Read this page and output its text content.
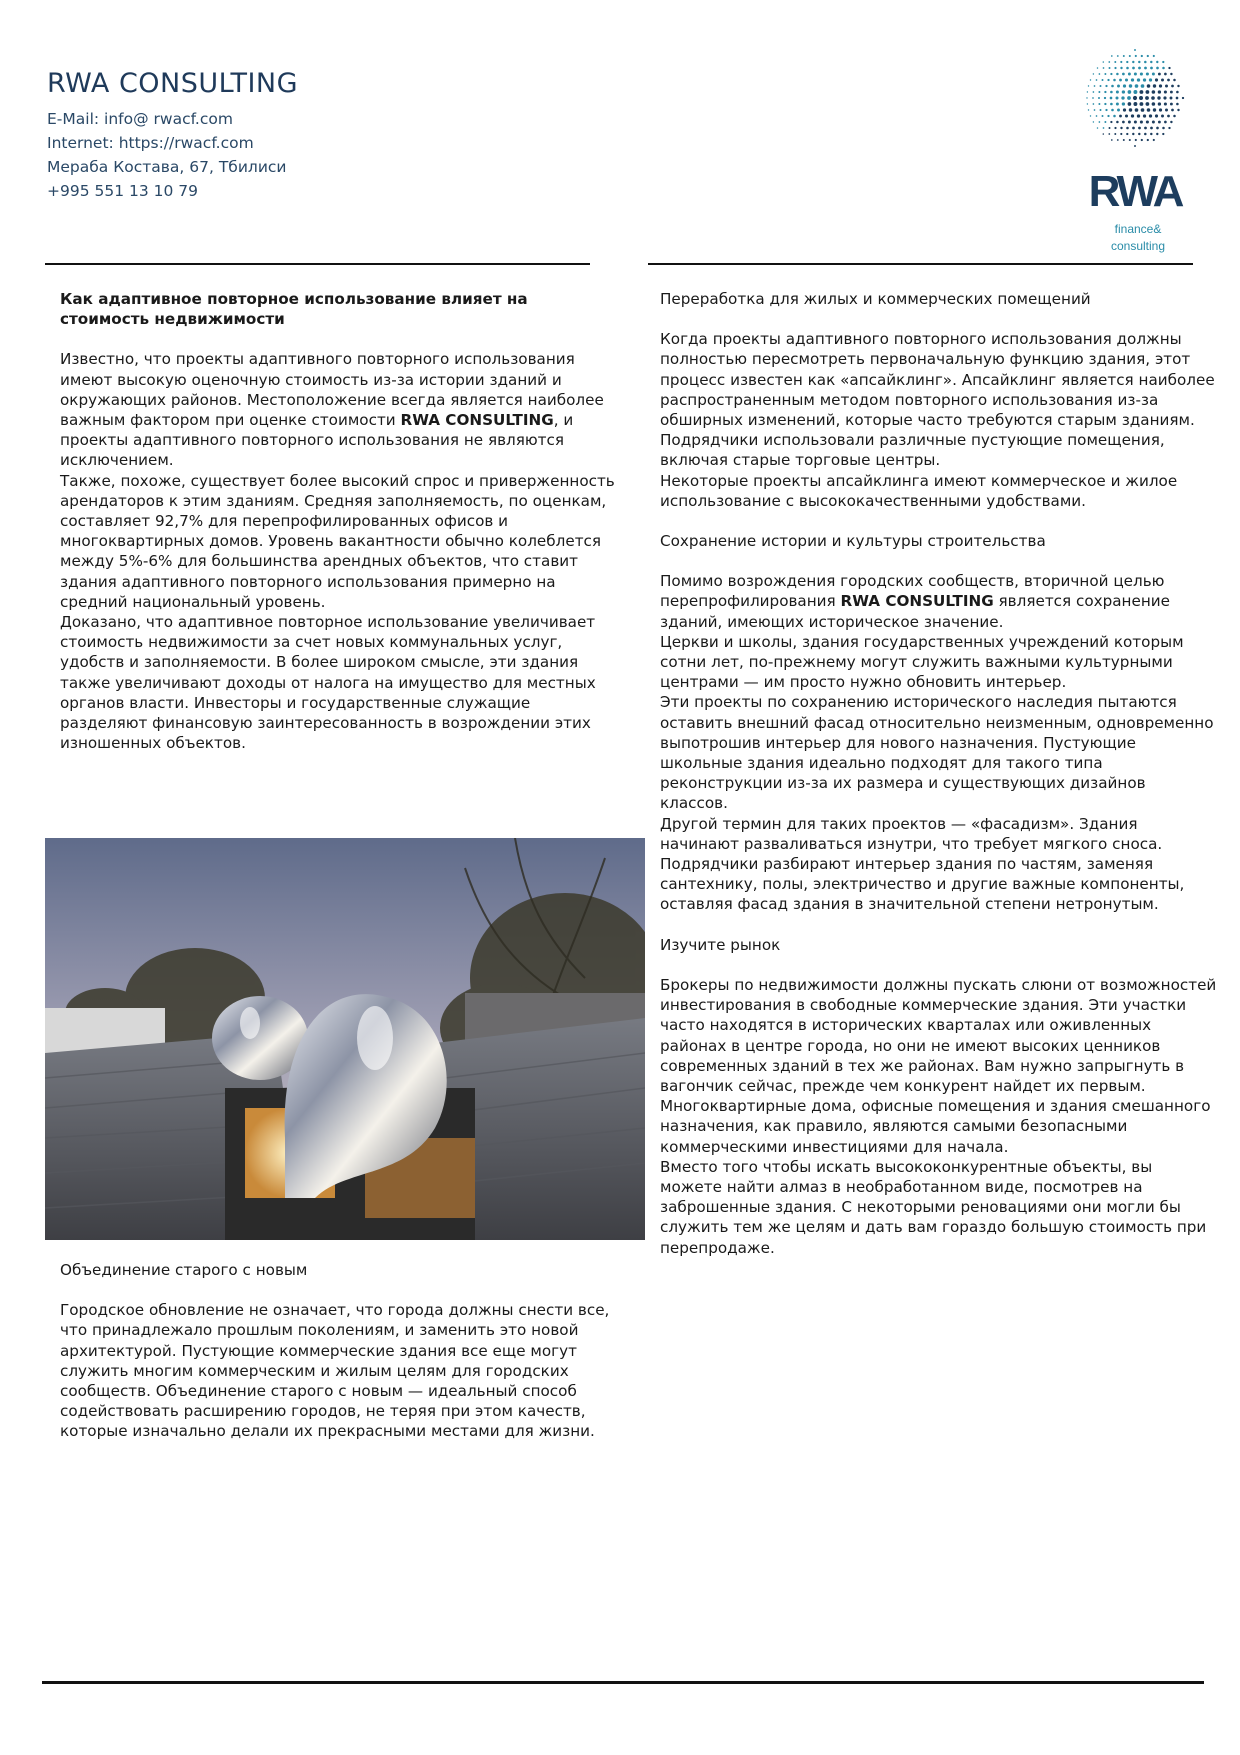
RWA CONSULTING
E-Mail: info@ rwacf.com
Internet: https://rwacf.com
Мераба Костава, 67, Тбилиси
+995 551 13 10 79	RWA
finance&
consulting

Как адаптивное повторное использование влияет на стоимость недвижимости

Известно, что проекты адаптивного повторного использования имеют высокую оценочную стоимость из-за истории зданий и окружающих районов. Местоположение всегда является наиболее важным фактором при оценке стоимости RWA CONSULTING, и проекты адаптивного повторного использования не являются исключением.

Также, похоже, существует более высокий спрос и приверженность арендаторов к этим зданиям. Средняя заполняемость, по оценкам, составляет 92,7% для перепрофилированных офисов и многоквартирных домов. Уровень вакантности обычно колеблется между 5%-6% для большинства арендных объектов, что ставит здания адаптивного повторного использования примерно на средний национальный уровень.

Доказано, что адаптивное повторное использование увеличивает стоимость недвижимости за счет новых коммунальных услуг, удобств и заполняемости. В более широком смысле, эти здания также увеличивают доходы от налога на имущество для местных органов власти. Инвесторы и государственные служащие разделяют финансовую заинтересованность в возрождении этих изношенных объектов.

Объединение старого с новым

Городское обновление не означает, что города должны снести все, что принадлежало прошлым поколениям, и заменить это новой архитектурой. Пустующие коммерческие здания все еще могут служить многим коммерческим и жилым целям для городских сообществ. Объединение старого с новым — идеальный способ содействовать расширению городов, не теряя при этом качеств, которые изначально делали их прекрасными местами для жизни.

Переработка для жилых и коммерческих помещений

Когда проекты адаптивного повторного использования должны полностью пересмотреть первоначальную функцию здания, этот процесс известен как «апсайклинг». Апсайклинг является наиболее распространенным методом повторного использования из-за обширных изменений, которые часто требуются старым зданиям. Подрядчики использовали различные пустующие помещения, включая старые торговые центры.

Некоторые проекты апсайклинга имеют коммерческое и жилое использование с высококачественными удобствами.

Сохранение истории и культуры строительства

Помимо возрождения городских сообществ, вторичной целью перепрофилирования RWA CONSULTING является сохранение зданий, имеющих историческое значение.

Церкви и школы, здания государственных учреждений которым сотни лет, по-прежнему могут служить важными культурными центрами — им просто нужно обновить интерьер.

Эти проекты по сохранению исторического наследия пытаются оставить внешний фасад относительно неизменным, одновременно выпотрошив интерьер для нового назначения. Пустующие школьные здания идеально подходят для такого типа реконструкции из-за их размера и существующих дизайнов классов.

Другой термин для таких проектов — «фасадизм». Здания начинают разваливаться изнутри, что требует мягкого сноса. Подрядчики разбирают интерьер здания по частям, заменяя сантехнику, полы, электричество и другие важные компоненты, оставляя фасад здания в значительной степени нетронутым.

Изучите рынок

Брокеры по недвижимости должны пускать слюни от возможностей инвестирования в свободные коммерческие здания. Эти участки часто находятся в исторических кварталах или оживленных районах в центре города, но они не имеют высоких ценников современных зданий в тех же районах. Вам нужно запрыгнуть в вагончик сейчас, прежде чем конкурент найдет их первым.

Многоквартирные дома, офисные помещения и здания смешанного назначения, как правило, являются самыми безопасными коммерческими инвестициями для начала.

Вместо того чтобы искать высококонкурентные объекты, вы можете найти алмаз в необработанном виде, посмотрев на заброшенные здания. С некоторыми реновациями они могли бы служить тем же целям и дать вам гораздо большую стоимость при перепродаже.
